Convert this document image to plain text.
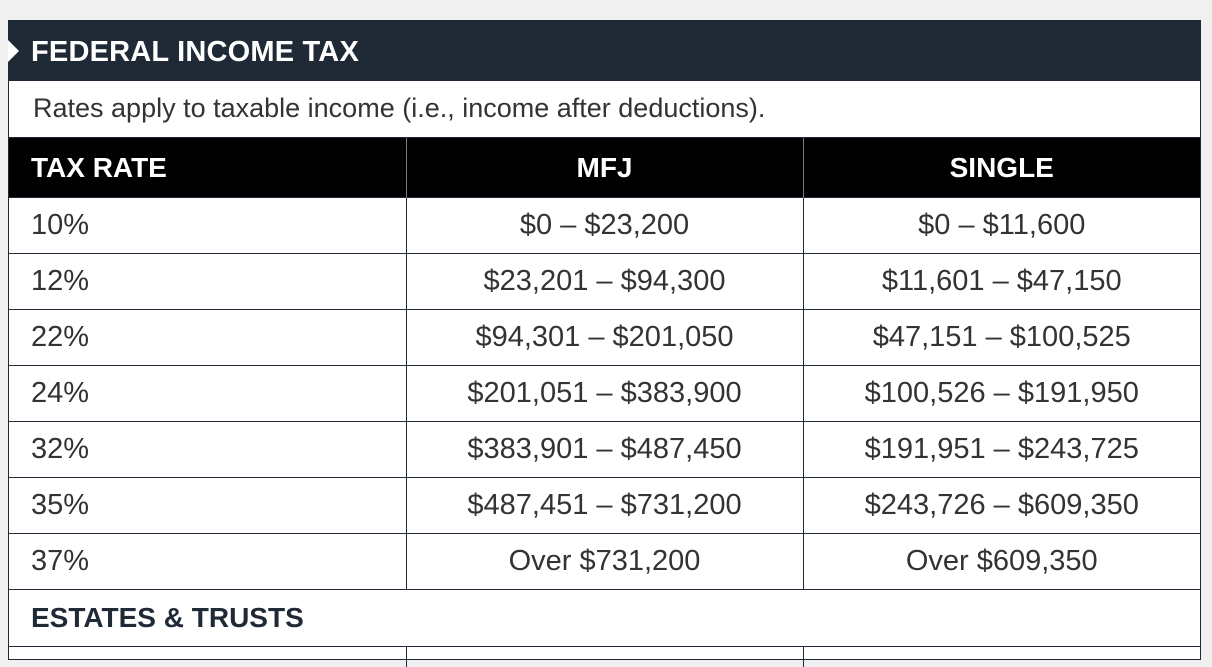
FEDERAL INCOME TAX
Rates apply to taxable income (i.e., income after deductions).
TAX RATE	MFJ	SINGLE
10%	$0 – $23,200	$0 – $11,600
12%	$23,201 – $94,300	$11,601 – $47,150
22%	$94,301 – $201,050	$47,151 – $100,525
24%	$201,051 – $383,900	$100,526 – $191,950
32%	$383,901 – $487,450	$191,951 – $243,725
35%	$487,451 – $731,200	$243,726 – $609,350
37%	Over $731,200	Over $609,350
ESTATES & TRUSTS
